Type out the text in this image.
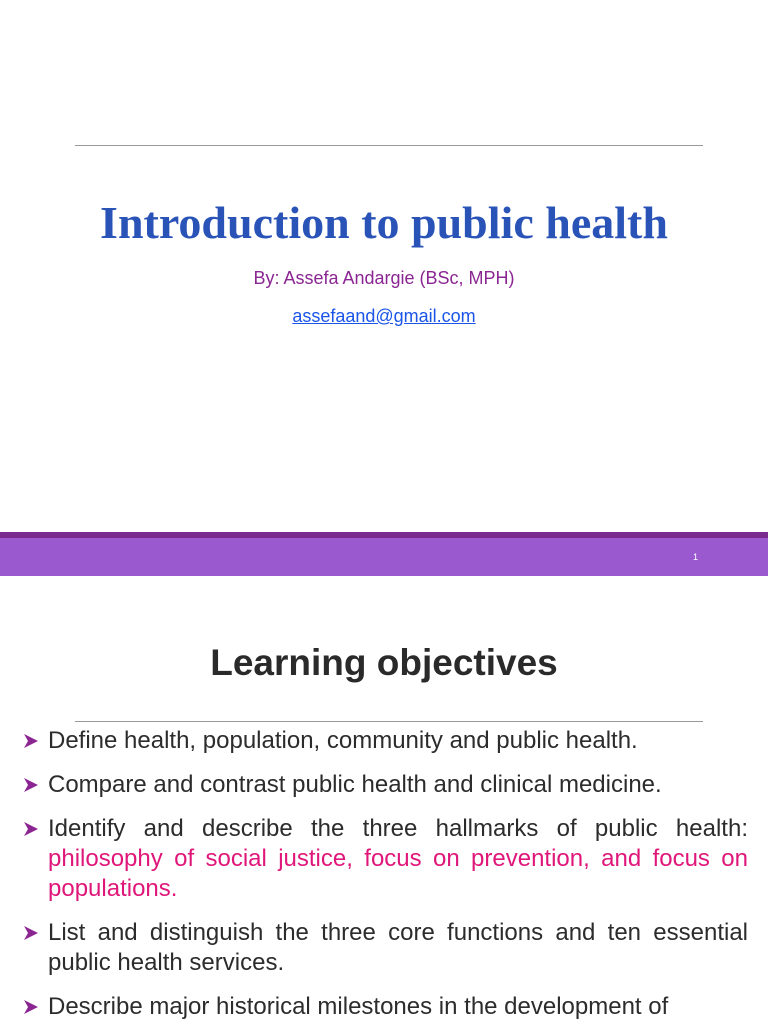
Introduction to public health
By: Assefa Andargie (BSc, MPH)
assefaand@gmail.com
1
Learning objectives
Define health, population, community and public health.
Compare and contrast public health and clinical medicine.
Identify and describe the three hallmarks of public health: philosophy of social justice, focus on prevention, and focus on populations.
List and distinguish the three core functions and ten essential public health services.
Describe major historical milestones in the development of
